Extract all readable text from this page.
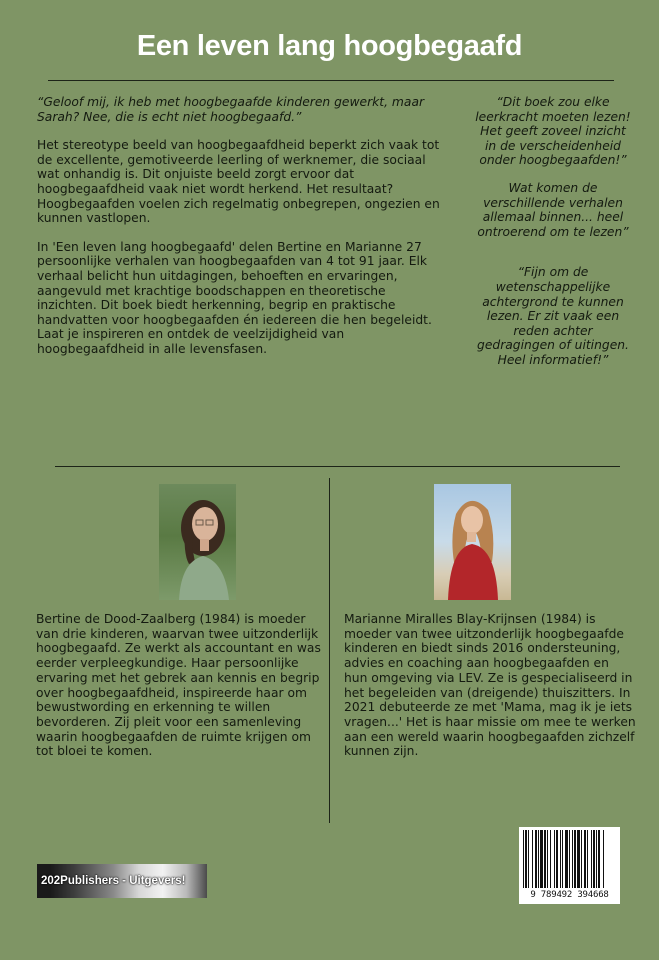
Een leven lang hoogbegaafd

“Geloof mij, ik heb met hoogbegaafde kinderen gewerkt, maar Sarah? Nee, die is echt niet hoogbegaafd.”

Het stereotype beeld van hoogbegaafdheid beperkt zich vaak tot de excellente, gemotiveerde leerling of werknemer, die sociaal wat onhandig is. Dit onjuiste beeld zorgt ervoor dat hoogbegaafdheid vaak niet wordt herkend. Het resultaat? Hoogbegaafden voelen zich regelmatig onbegrepen, ongezien en kunnen vastlopen.

In 'Een leven lang hoogbegaafd' delen Bertine en Marianne 27 persoonlijke verhalen van hoogbegaafden van 4 tot 91 jaar. Elk verhaal belicht hun uitdagingen, behoeften en ervaringen, aangevuld met krachtige boodschappen en theoretische inzichten. Dit boek biedt herkenning, begrip en praktische handvatten voor hoogbegaafden én iedereen die hen begeleidt. Laat je inspireren en ontdek de veelzijdigheid van hoogbegaafdheid in alle levensfasen.

“Dit boek zou elke leerkracht moeten lezen! Het geeft zoveel inzicht in de verscheidenheid onder hoogbegaafden!”

Wat komen de verschillende verhalen allemaal binnen... heel ontroerend om te lezen”

“Fijn om de wetenschappelijke achtergrond te kunnen lezen. Er zit vaak een reden achter gedragingen of uitingen. Heel informatief!”

Bertine de Dood-Zaalberg (1984) is moeder van drie kinderen, waarvan twee uitzonderlijk hoogbegaafd. Ze werkt als accountant en was eerder verpleegkundige. Haar persoonlijke ervaring met het gebrek aan kennis en begrip over hoogbegaafdheid, inspireerde haar om bewustwording en erkenning te willen bevorderen. Zij pleit voor een samenleving waarin hoogbegaafden de ruimte krijgen om tot bloei te komen.
Marianne Miralles Blay-Krijnsen (1984) is moeder van twee uitzonderlijk hoogbegaafde kinderen en biedt sinds 2016 ondersteuning, advies en coaching aan hoogbegaafden en hun omgeving via LEV. Ze is gespecialiseerd in het begeleiden van (dreigende) thuiszitters. In 2021 debuteerde ze met 'Mama, mag ik je iets vragen...' Het is haar missie om mee te werken aan een wereld waarin hoogbegaafden zichzelf kunnen zijn.
202Publishers - Uitgevers!
9 789492 394668
